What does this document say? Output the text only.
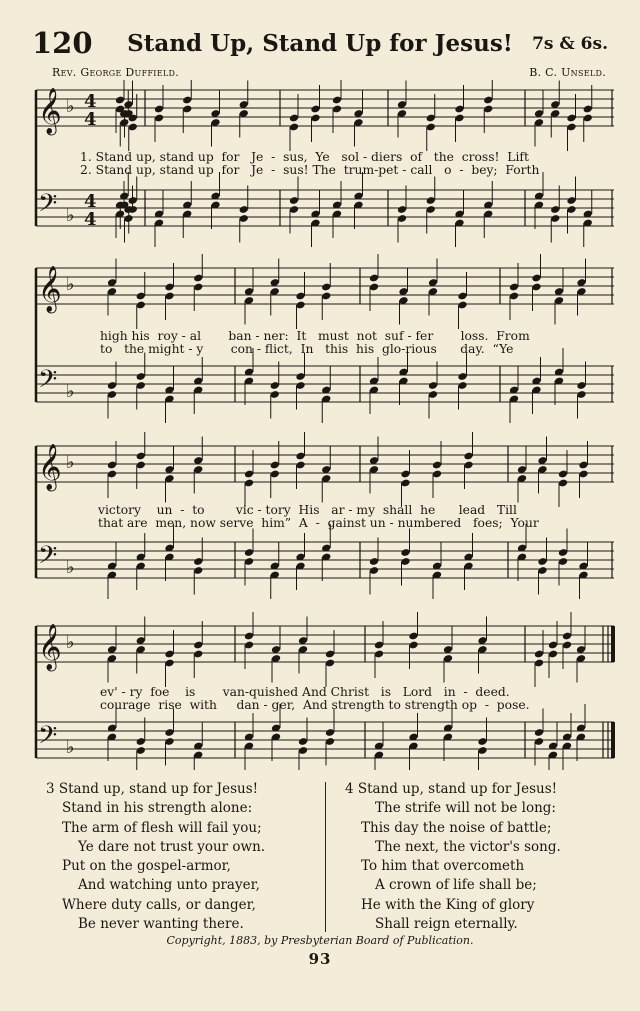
120	Stand Up, Stand Up for Jesus!	7s & 6s.
Rev. George Duffield.	B. C. Unseld.
𝄞 ♭
𝄢 ♭
4
4
4
4
𝄞 ♭
𝄢 ♭
𝄞 ♭
𝄢 ♭
𝄞 ♭
𝄢 ♭

1. Stand up, stand up  for   Je  -  sus,  Ye   sol - diers  of   the  cross!  Lift

2. Stand up, stand up  for   Je  -  sus! The  trum-pet - call   o  -  bey;  Forth

high his  roy - al       ban - ner:  It   must  not  suf - fer       loss.  From

to   the might - y       con - flict,  In   this  his  glo-rious      day.  “Ye

victory    un  -  to        vic - tory  His   ar - my  shall  he      lead   Till

that are  men, now serve  him”  A  -  gainst un - numbered   foes;  Your

ev' - ry  foe    is       van-quished And Christ   is   Lord   in  -  deed.

courage  rise  with     dan - ger,  And strength to strength op  -  pose.

3 Stand up, stand up for Jesus!
Stand in his strength alone:
The arm of flesh will fail you;
Ye dare not trust your own.
Put on the gospel-armor,
And watching unto prayer,
Where duty calls, or danger,
Be never wanting there.
4 Stand up, stand up for Jesus!
The strife will not be long:
This day the noise of battle;
The next, the victor's song.
To him that overcometh
A crown of life shall be;
He with the King of glory
Shall reign eternally.
Copyright, 1883, by Presbyterian Board of Publication.
93
